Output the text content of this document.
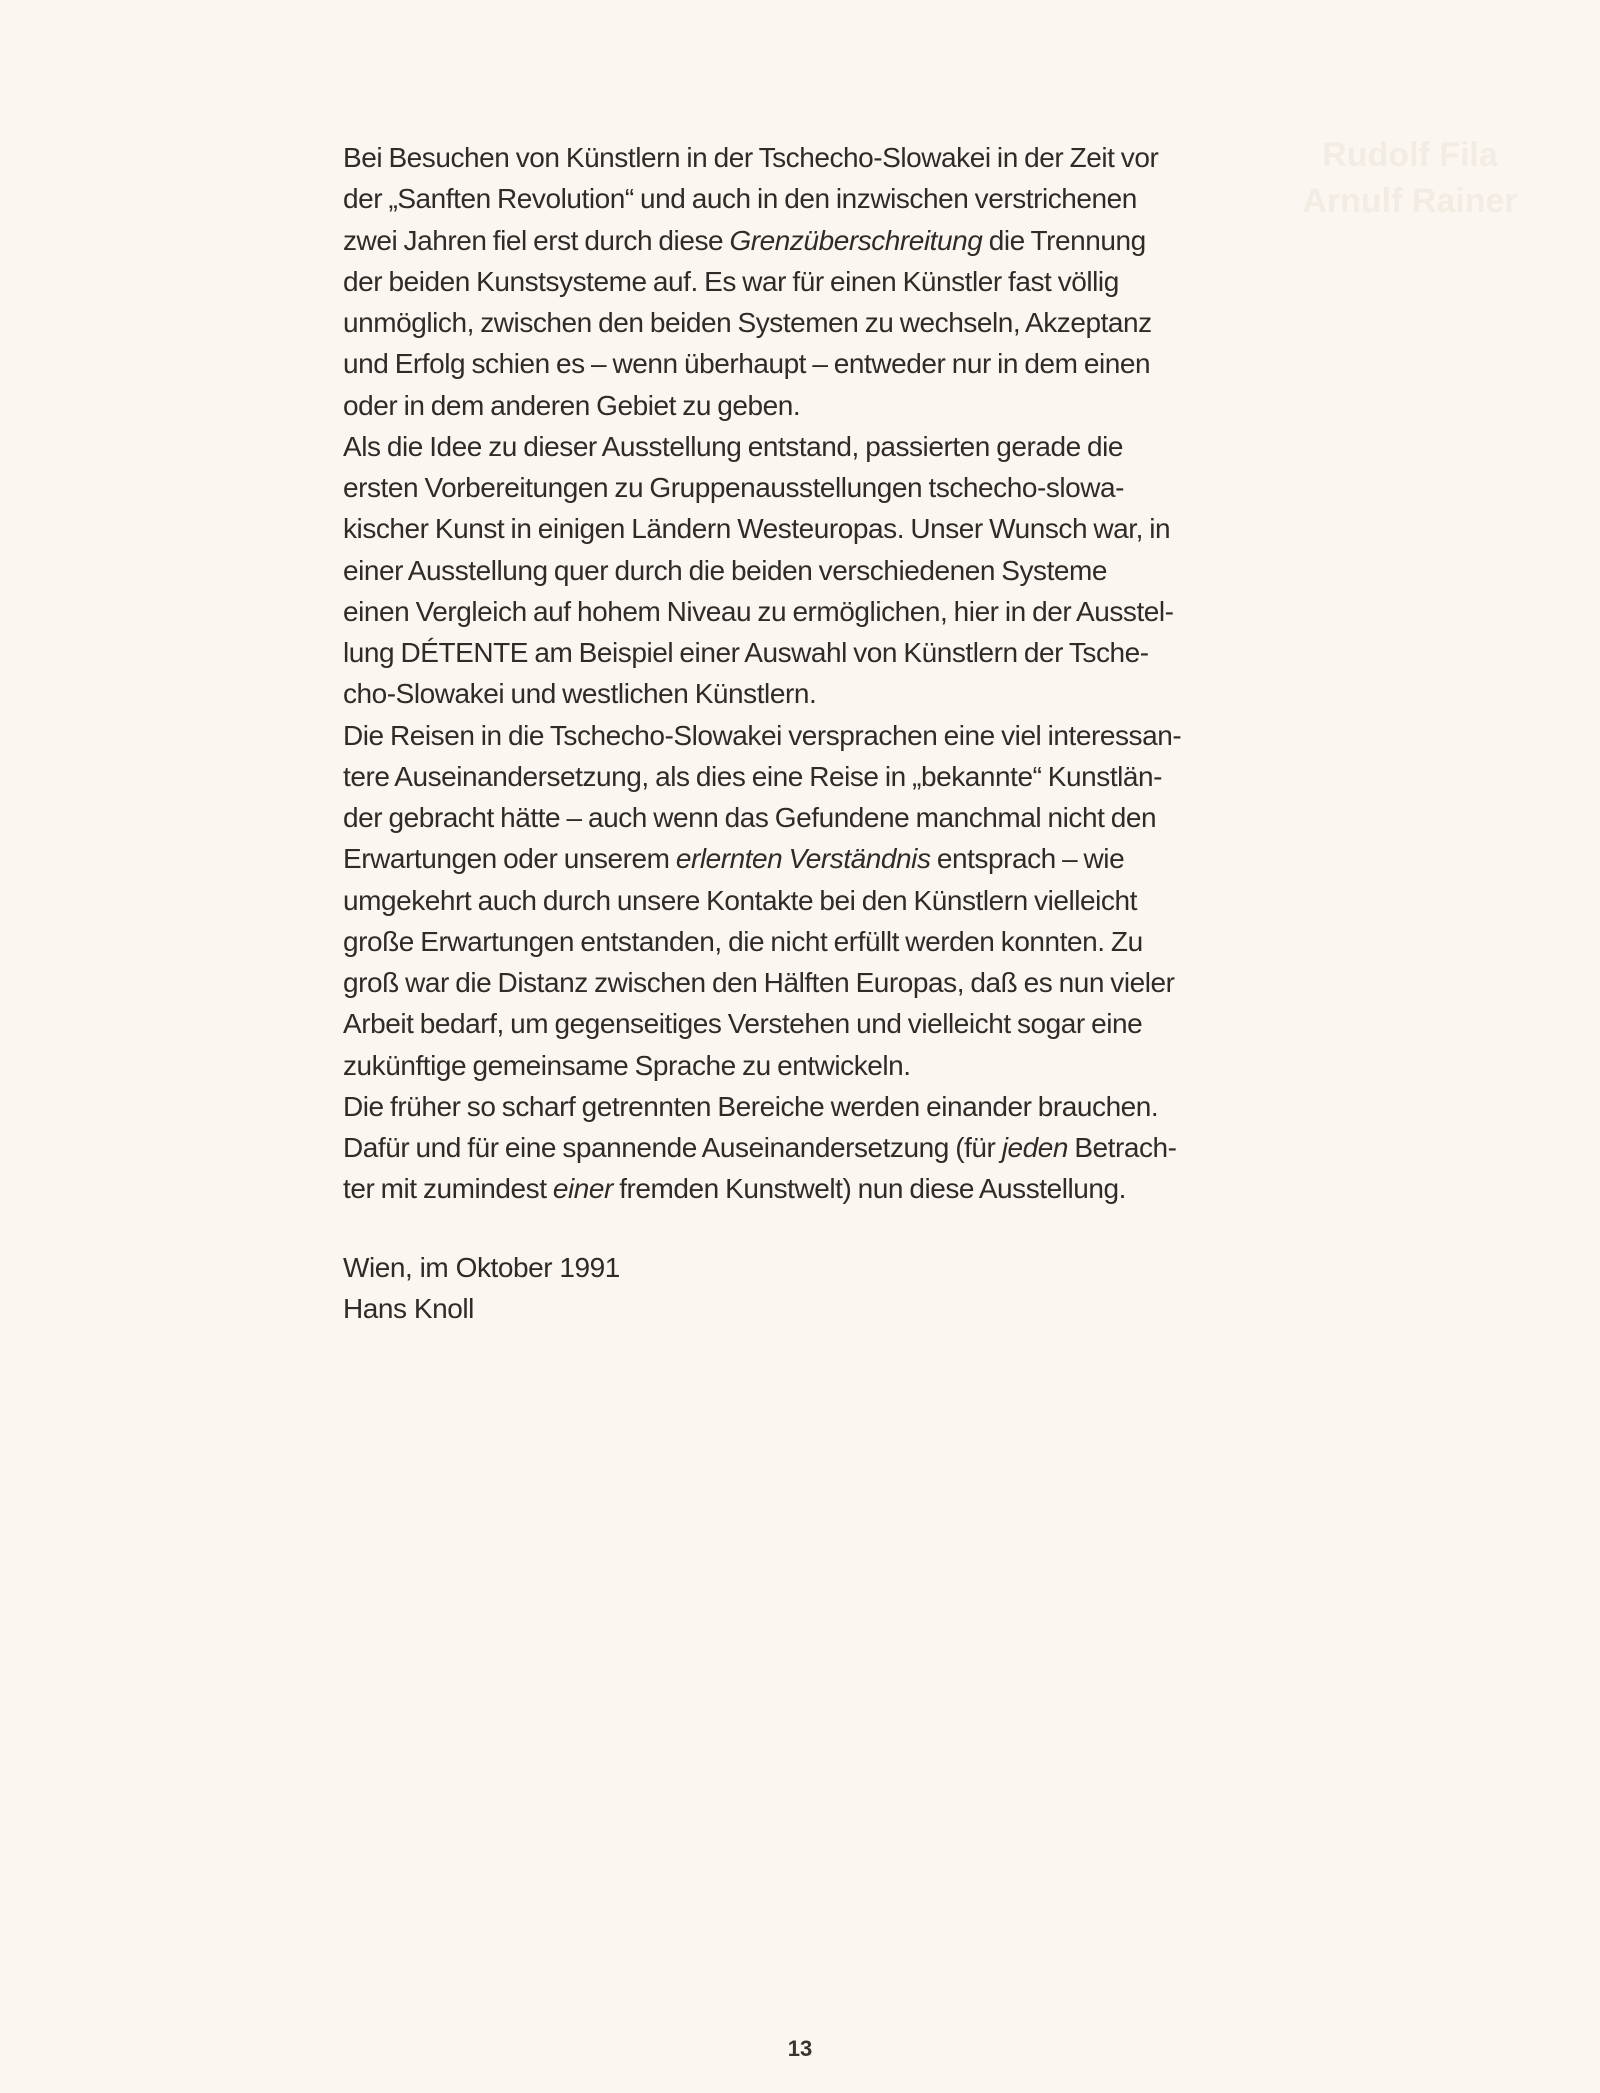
Rudolf Fila
Arnulf Rainer
Bei Besuchen von Künstlern in der Tschecho-Slowakei in der Zeit vor
der „Sanften Revolution“ und auch in den inzwischen verstrichenen
zwei Jahren fiel erst durch diese Grenzüberschreitung die Trennung
der beiden Kunstsysteme auf. Es war für einen Künstler fast völlig
unmöglich, zwischen den beiden Systemen zu wechseln, Akzeptanz
und Erfolg schien es – wenn überhaupt – entweder nur in dem einen
oder in dem anderen Gebiet zu geben.
Als die Idee zu dieser Ausstellung entstand, passierten gerade die
ersten Vorbereitungen zu Gruppenausstellungen tschecho-slowa-
kischer Kunst in einigen Ländern Westeuropas. Unser Wunsch war, in
einer Ausstellung quer durch die beiden verschiedenen Systeme
einen Vergleich auf hohem Niveau zu ermöglichen, hier in der Ausstel-
lung DÉTENTE am Beispiel einer Auswahl von Künstlern der Tsche-
cho-Slowakei und westlichen Künstlern.
Die Reisen in die Tschecho-Slowakei versprachen eine viel interessan-
tere Auseinandersetzung, als dies eine Reise in „bekannte“ Kunstlän-
der gebracht hätte – auch wenn das Gefundene manchmal nicht den
Erwartungen oder unserem erlernten Verständnis entsprach – wie
umgekehrt auch durch unsere Kontakte bei den Künstlern vielleicht
große Erwartungen entstanden, die nicht erfüllt werden konnten. Zu
groß war die Distanz zwischen den Hälften Europas, daß es nun vieler
Arbeit bedarf, um gegenseitiges Verstehen und vielleicht sogar eine
zukünftige gemeinsame Sprache zu entwickeln.
Die früher so scharf getrennten Bereiche werden einander brauchen.
Dafür und für eine spannende Auseinandersetzung (für jeden Betrach-
ter mit zumindest einer fremden Kunstwelt) nun diese Ausstellung.
Wien, im Oktober 1991
Hans Knoll
13
